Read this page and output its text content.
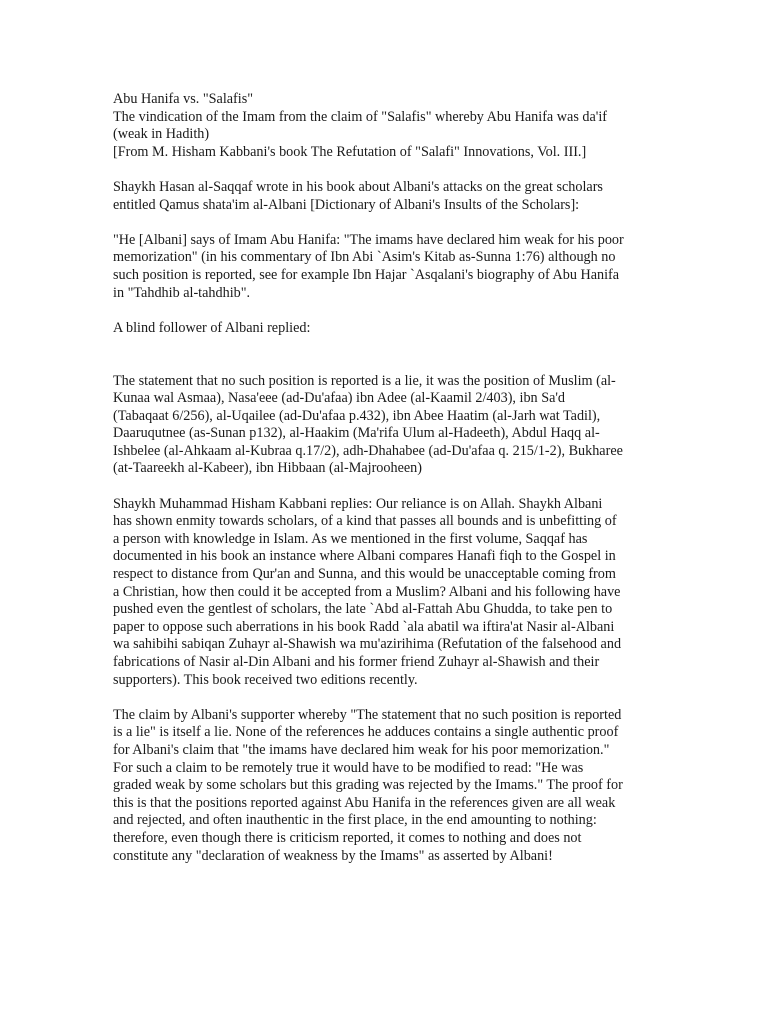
Abu Hanifa vs. "Salafis"
The vindication of the Imam from the claim of "Salafis" whereby Abu Hanifa was da'if
(weak in Hadith)
[From M. Hisham Kabbani's book The Refutation of "Salafi" Innovations, Vol. III.]
Shaykh Hasan al-Saqqaf wrote in his book about Albani's attacks on the great scholars
entitled Qamus shata'im al-Albani [Dictionary of Albani's Insults of the Scholars]:
"He [Albani] says of Imam Abu Hanifa: "The imams have declared him weak for his poor
memorization" (in his commentary of Ibn Abi `Asim's Kitab as-Sunna 1:76) although no
such position is reported, see for example Ibn Hajar `Asqalani's biography of Abu Hanifa
in "Tahdhib al-tahdhib".
A blind follower of Albani replied:
The statement that no such position is reported is a lie, it was the position of Muslim (al-
Kunaa wal Asmaa), Nasa'eee (ad-Du'afaa) ibn Adee (al-Kaamil 2/403), ibn Sa'd
(Tabaqaat 6/256), al-Uqailee (ad-Du'afaa p.432), ibn Abee Haatim (al-Jarh wat Tadil),
Daaruqutnee (as-Sunan p132), al-Haakim (Ma'rifa Ulum al-Hadeeth), Abdul Haqq al-
Ishbelee (al-Ahkaam al-Kubraa q.17/2), adh-Dhahabee (ad-Du'afaa q. 215/1-2), Bukharee
(at-Taareekh al-Kabeer), ibn Hibbaan (al-Majrooheen)
Shaykh Muhammad Hisham Kabbani replies: Our reliance is on Allah. Shaykh Albani
has shown enmity towards scholars, of a kind that passes all bounds and is unbefitting of
a person with knowledge in Islam. As we mentioned in the first volume, Saqqaf has
documented in his book an instance where Albani compares Hanafi fiqh to the Gospel in
respect to distance from Qur'an and Sunna, and this would be unacceptable coming from
a Christian, how then could it be accepted from a Muslim? Albani and his following have
pushed even the gentlest of scholars, the late `Abd al-Fattah Abu Ghudda, to take pen to
paper to oppose such aberrations in his book Radd `ala abatil wa iftira'at Nasir al-Albani
wa sahibihi sabiqan Zuhayr al-Shawish wa mu'azirihima (Refutation of the falsehood and
fabrications of Nasir al-Din Albani and his former friend Zuhayr al-Shawish and their
supporters). This book received two editions recently.
The claim by Albani's supporter whereby "The statement that no such position is reported
is a lie" is itself a lie. None of the references he adduces contains a single authentic proof
for Albani's claim that "the imams have declared him weak for his poor memorization."
For such a claim to be remotely true it would have to be modified to read: "He was
graded weak by some scholars but this grading was rejected by the Imams." The proof for
this is that the positions reported against Abu Hanifa in the references given are all weak
and rejected, and often inauthentic in the first place, in the end amounting to nothing:
therefore, even though there is criticism reported, it comes to nothing and does not
constitute any "declaration of weakness by the Imams" as asserted by Albani!
